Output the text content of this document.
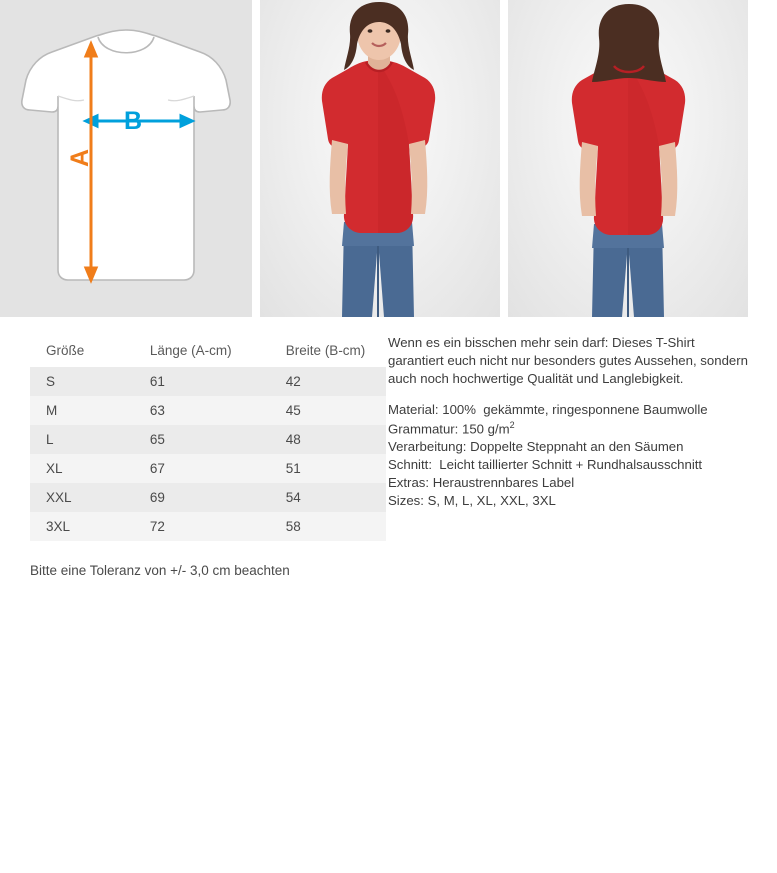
B
A
Größe	Länge (A-cm)	Breite (B-cm)
S	61	42
M	63	45
L	65	48
XL	67	51
XXL	69	54
3XL	72	58
Bitte eine Toleranz von +/- 3,0 cm beachten

Wenn es ein bisschen mehr sein darf: Dieses T-Shirt garantiert euch nicht nur besonders gutes Aussehen, sondern auch noch hochwertige Qualität und Langlebigkeit.

Material: 100%  gekämmte, ringesponnene Baumwolle

Grammatur: 150 $g/m^2$

Verarbeitung: Doppelte Steppnaht an den Säumen

Schnitt:  Leicht taillierter Schnitt + Rundhalsausschnitt

Extras: Heraustrennbares Label

Sizes: S, M, L, XL, XXL, 3XL
